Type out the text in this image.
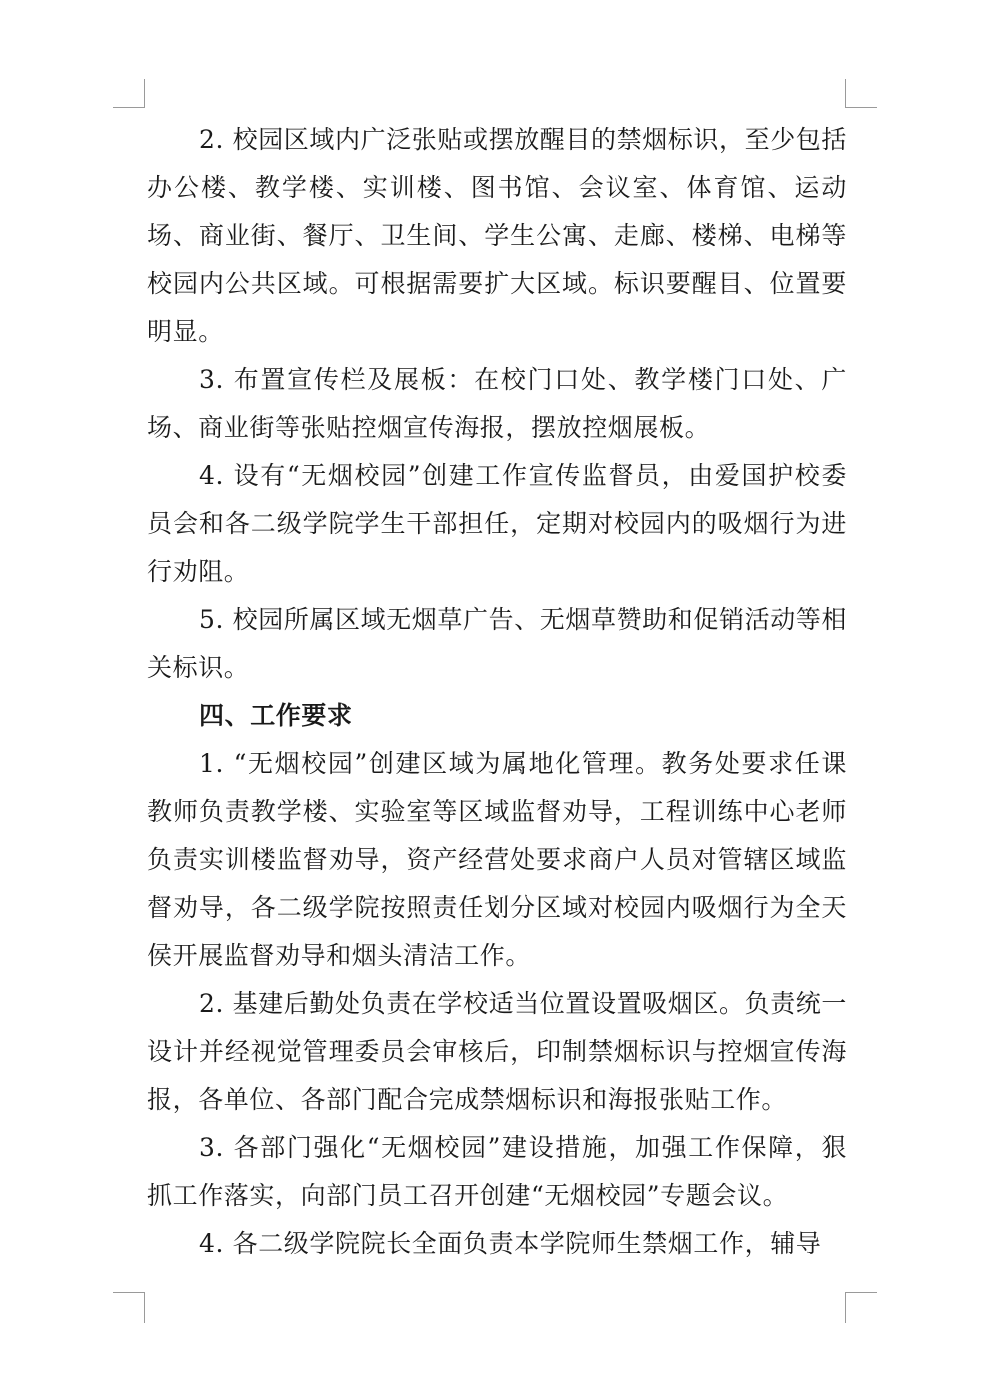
2. 校园区域内广泛张贴或摆放醒目的禁烟标识，至少包括办公楼、教学楼、实训楼、图书馆、会议室、体育馆、运动场、商业街、餐厅、卫生间、学生公寓、走廊、楼梯、电梯等校园内公共区域。可根据需要扩大区域。标识要醒目、位置要明显。

3. 布置宣传栏及展板：在校门口处、教学楼门口处、广场、商业街等张贴控烟宣传海报，摆放控烟展板。

4. 设有“无烟校园”创建工作宣传监督员，由爱国护校委员会和各二级学院学生干部担任，定期对校园内的吸烟行为进行劝阻。

5. 校园所属区域无烟草广告、无烟草赞助和促销活动等相关标识。

四、工作要求

1. “无烟校园”创建区域为属地化管理。教务处要求任课教师负责教学楼、实验室等区域监督劝导，工程训练中心老师负责实训楼监督劝导，资产经营处要求商户人员对管辖区域监督劝导，各二级学院按照责任划分区域对校园内吸烟行为全天侯开展监督劝导和烟头清洁工作。

2. 基建后勤处负责在学校适当位置设置吸烟区。负责统一设计并经视觉管理委员会审核后，印制禁烟标识与控烟宣传海报，各单位、各部门配合完成禁烟标识和海报张贴工作。

3. 各部门强化“无烟校园”建设措施，加强工作保障，狠抓工作落实，向部门员工召开创建“无烟校园”专题会议。

4. 各二级学院院长全面负责本学院师生禁烟工作，辅导
